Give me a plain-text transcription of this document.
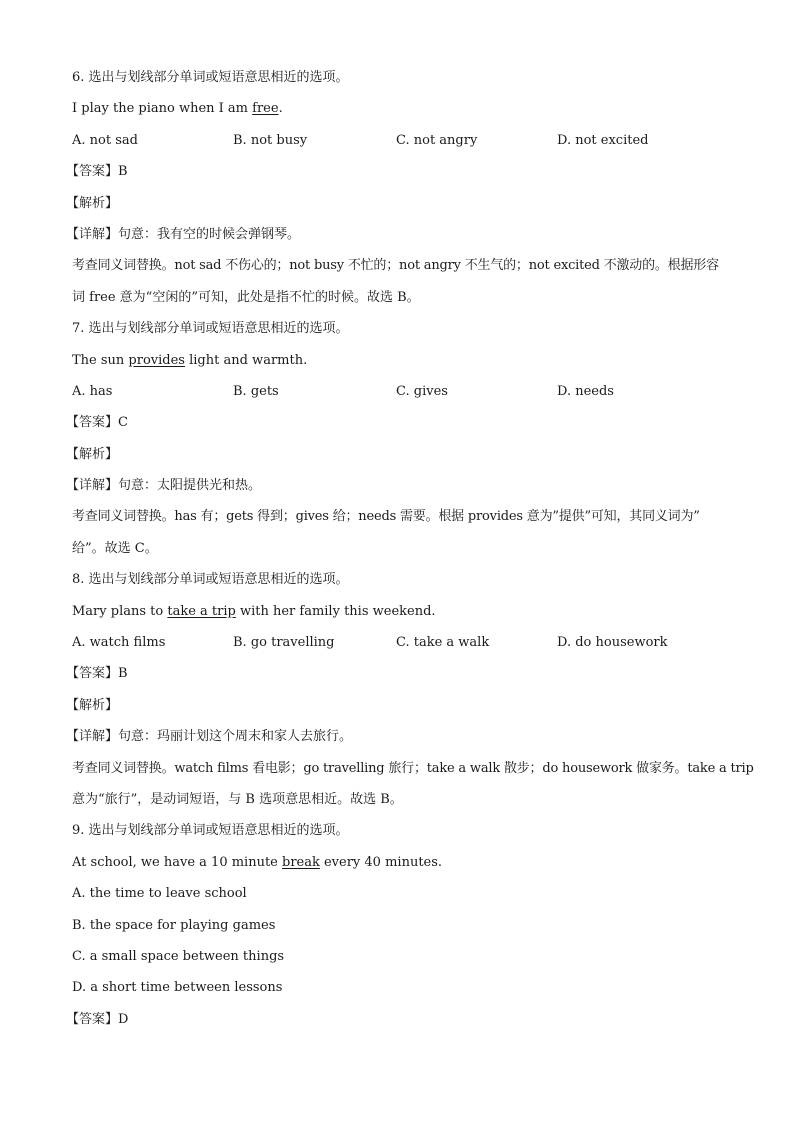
6. 选出与划线部分单词或短语意思相近的选项。
I play the piano when I am free.
A. not sad	B. not busy	C. not angry	D. not excited
【答案】B
【解析】
【详解】句意：我有空的时候会弹钢琴。
考查同义词替换。not sad 不伤心的；not busy 不忙的；not angry 不生气的；not excited 不激动的。根据形容
词 free 意为“空闲的”可知，此处是指不忙的时候。故选 B。
7. 选出与划线部分单词或短语意思相近的选项。
The sun provides light and warmth.
A. has	B. gets	C. gives	D. needs
【答案】C
【解析】
【详解】句意：太阳提供光和热。
考查同义词替换。has 有；gets 得到；gives 给；needs 需要。根据 provides 意为”提供”可知，其同义词为”
给”。故选 C。
8. 选出与划线部分单词或短语意思相近的选项。
Mary plans to take a trip with her family this weekend.
A. watch films	B. go travelling	C. take a walk	D. do housework
【答案】B
【解析】
【详解】句意：玛丽计划这个周末和家人去旅行。
考查同义词替换。watch films 看电影；go travelling 旅行；take a walk 散步；do housework 做家务。take a trip
意为“旅行”，是动词短语，与 B 选项意思相近。故选 B。
9. 选出与划线部分单词或短语意思相近的选项。
At school, we have a 10 minute break every 40 minutes.
A. the time to leave school
B. the space for playing games
C. a small space between things
D. a short time between lessons
【答案】D
